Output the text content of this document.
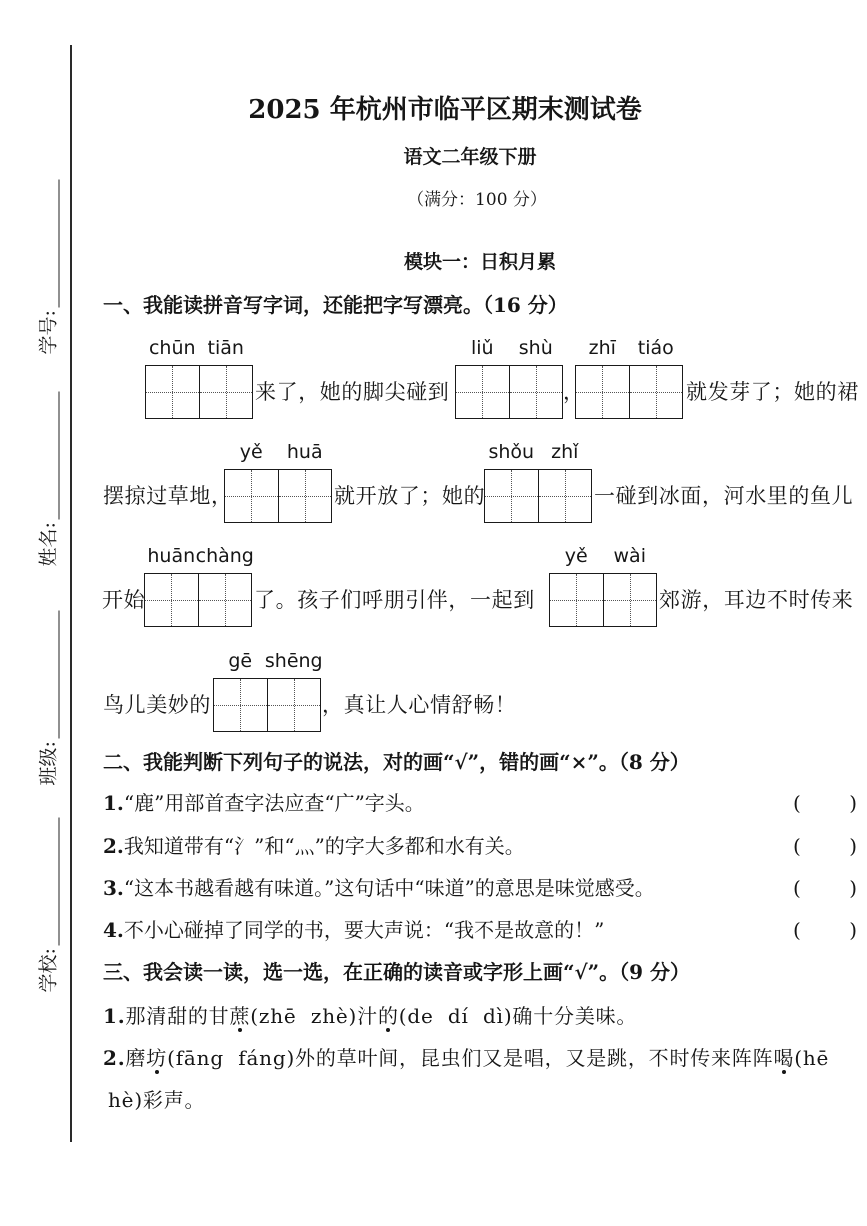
学号:
姓名:
班级:
学校:
2025 年杭州市临平区期末测试卷
语文二年级下册
（满分：100 分）
模块一：日积月累
一、我能读拼音写字词，还能把字写漂亮。（16 分）
chūn tiān
来了，她的脚尖碰到
liǔ	shù
，
zhī	tiáo
就发芽了；她的裙
摆掠过草地，
yě	huā
就开放了；她的
shǒu zhǐ
一碰到冰面，河水里的鱼儿
开始
huān chàng
了。孩子们呼朋引伴，一起到
yě	wài
郊游，耳边不时传来
鸟儿美妙的
gē shēng
，真让人心情舒畅！
二、我能判断下列句子的说法，对的画“√”，错的画“×”。（8 分）
1.“鹿”用部首查字法应查“广”字头。	( )
2.我知道带有“氵”和“灬”的字大多都和水有关。	( )
3.“这本书越看越有味道。”这句话中“味道”的意思是味觉感受。	( )
4.不小心碰掉了同学的书，要大声说：“我不是故意的！”	( )
三、我会读一读，选一选，在正确的读音或字形上画“√”。（9 分）
1.那清甜的甘蔗(zhē  zhè)汁的(de  dí  dì)确十分美味。
2.磨坊(fāng  fáng)外的草叶间，昆虫们又是唱，又是跳，不时传来阵阵喝(hē
hè)彩声。
